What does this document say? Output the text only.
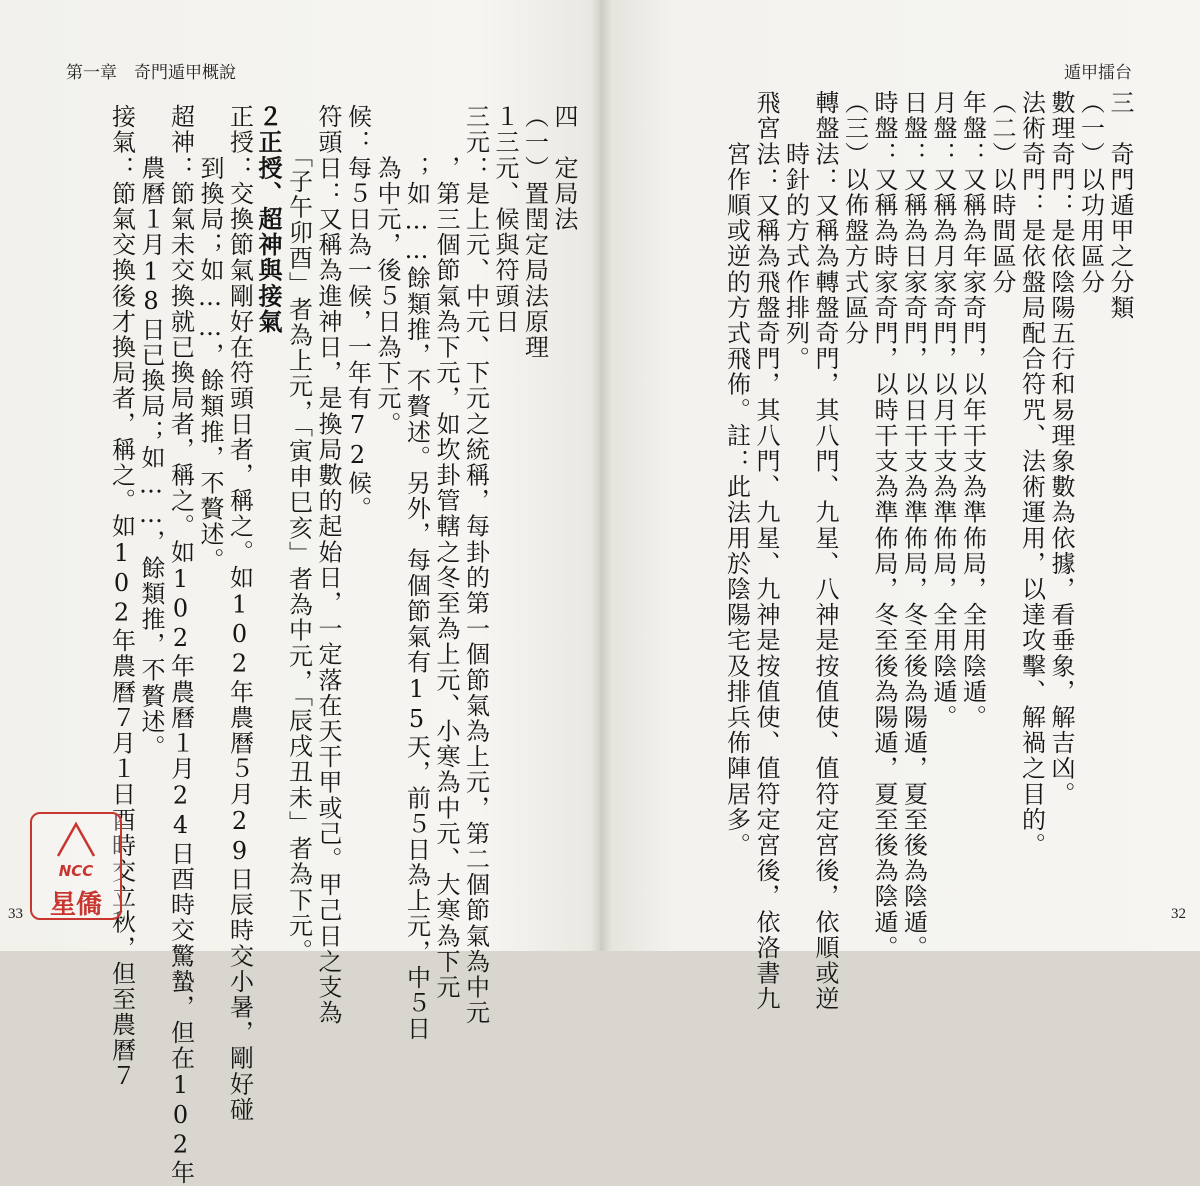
第一章　奇門遁甲概說
四　定局法
（一）置閏定局法原理
１三元、候與符頭日
三元：是上元、中元、下元之統稱，每卦的第一個節氣為上元，第二個節氣為中元
　　，第三個節氣為下元，如坎卦管轄之冬至為上元、小寒為中元、大寒為下元
　　；如……餘類推，不贅述。另外，每個節氣有15天，前５日為上元，中５日
　　為中元，後５日為下元。
候：每５日為一候，一年有72候。
符頭日：又稱為進神日，是換局數的起始日，一定落在天干甲或己。甲己日之支為
　　「子午卯酉」者為上元，「寅申巳亥」者為中元，「辰戌丑未」者為下元。
２正授、超神與接氣
正授：交換節氣剛好在符頭日者，稱之。如102年農曆５月29日辰時交小暑，剛好碰
　　到換局；如……，餘類推，不贅述。
超神：節氣未交換就已換局者，稱之。如102年農曆１月24日酉時交驚蟄，但在102年
　　農曆１月18日已換局；如……，餘類推，不贅述。
接氣：節氣交換後才換局者，稱之。如102年農曆７月１日酉時交立秋，但至農曆７
33
NCC
星僑
遁甲擂台
三　奇門遁甲之分類
（一）以功用區分
數理奇門：是依陰陽五行和易理象數為依據，看垂象，解吉凶。
法術奇門：是依盤局配合符咒、法術運用，以達攻擊、解禍之目的。
（二）以時間區分
年盤：又稱為年家奇門，以年干支為準佈局，全用陰遁。
月盤：又稱為月家奇門，以月干支為準佈局，全用陰遁。
日盤：又稱為日家奇門，以日干支為準佈局，冬至後為陽遁，夏至後為陰遁。
時盤：又稱為時家奇門，以時干支為準佈局，冬至後為陽遁，夏至後為陰遁。
（三）以佈盤方式區分
轉盤法：又稱為轉盤奇門，其八門、九星、八神是按值使、值符定宮後，依順或逆
　　時針的方式作排列。
飛宮法：又稱為飛盤奇門，其八門、九星、九神是按值使、值符定宮後，依洛書九
　　宮作順或逆的方式飛佈。註：此法用於陰陽宅及排兵佈陣居多。
32
